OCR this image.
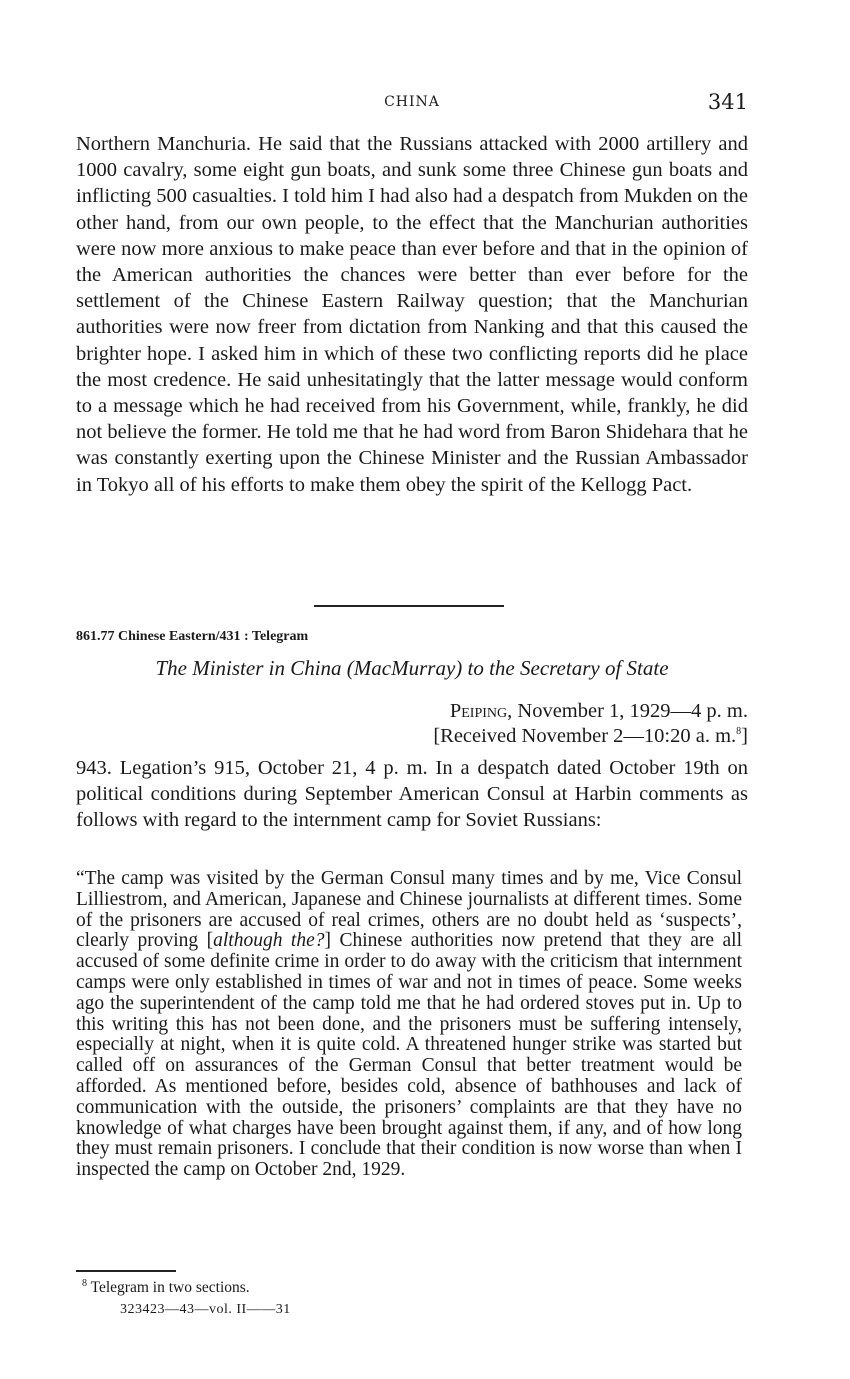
CHINA	341

Northern Manchuria. He said that the Russians attacked with 2000 artillery and 1000 cavalry, some eight gun boats, and sunk some three Chinese gun boats and inflicting 500 casualties. I told him I had also had a despatch from Mukden on the other hand, from our own people, to the effect that the Manchurian authorities were now more anxious to make peace than ever before and that in the opinion of the American authorities the chances were better than ever before for the settlement of the Chinese Eastern Railway question; that the Manchurian authorities were now freer from dictation from Nanking and that this caused the brighter hope. I asked him in which of these two conflicting reports did he place the most credence. He said unhesitatingly that the latter message would conform to a message which he had received from his Government, while, frankly, he did not believe the former. He told me that he had word from Baron Shidehara that he was constantly exerting upon the Chinese Minister and the Russian Ambassador in Tokyo all of his efforts to make them obey the spirit of the Kellogg Pact.

861.77 Chinese Eastern/431 : Telegram
The Minister in China (MacMurray) to the Secretary of State
Peiping, November 1, 1929—4 p. m.
[Received November 2—10:20 a. m.$^8$]

943. Legation’s 915, October 21, 4 p. m. In a despatch dated October 19th on political conditions during September American Consul at Harbin comments as follows with regard to the internment camp for Soviet Russians:

“The camp was visited by the German Consul many times and by me, Vice Consul Lilliestrom, and American, Japanese and Chinese journalists at different times. Some of the prisoners are accused of real crimes, others are no doubt held as ‘suspects’, clearly proving [although the?] Chinese authorities now pretend that they are all accused of some definite crime in order to do away with the criticism that internment camps were only established in times of war and not in times of peace. Some weeks ago the superintendent of the camp told me that he had ordered stoves put in. Up to this writing this has not been done, and the prisoners must be suffering intensely, especially at night, when it is quite cold. A threatened hunger strike was started but called off on assurances of the German Consul that better treatment would be afforded. As mentioned before, besides cold, absence of bathhouses and lack of communication with the outside, the prisoners’ complaints are that they have no knowledge of what charges have been brought against them, if any, and of how long they must remain prisoners. I conclude that their condition is now worse than when I inspected the camp on October 2nd, 1929.

$^8$ Telegram in two sections.
323423—43—vol. II——31
